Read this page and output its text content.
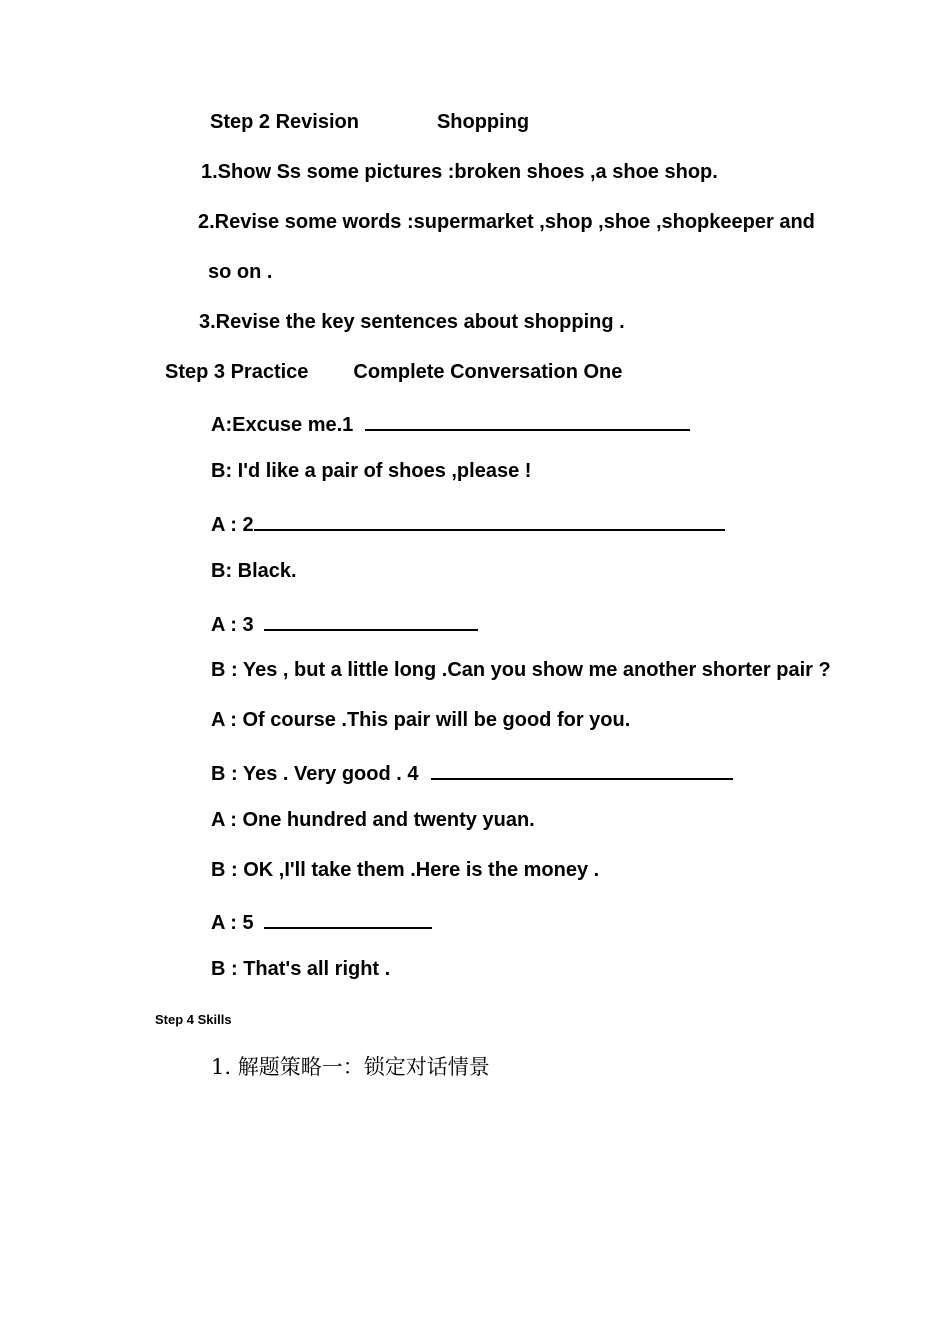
Step 2 Revision	Shopping
1.Show Ss some pictures :broken shoes ,a shoe shop.
2.Revise some words :supermarket ,shop ,shoe ,shopkeeper and
so on .
3.Revise the key sentences about shopping .
Step 3 Practice Complete Conversation One
A:Excuse me.1
B: I'd like a pair of shoes ,please !
A : 2
B: Black.
A : 3
B : Yes , but a little long .Can you show me another shorter pair ?
A : Of course .This pair will be good for you.
B : Yes . Very good . 4
A : One hundred and twenty yuan.
B : OK ,I'll take them .Here is the money .
A : 5
B : That's all right .
Step 4 Skills
1. 解题策略一：锁定对话情景
